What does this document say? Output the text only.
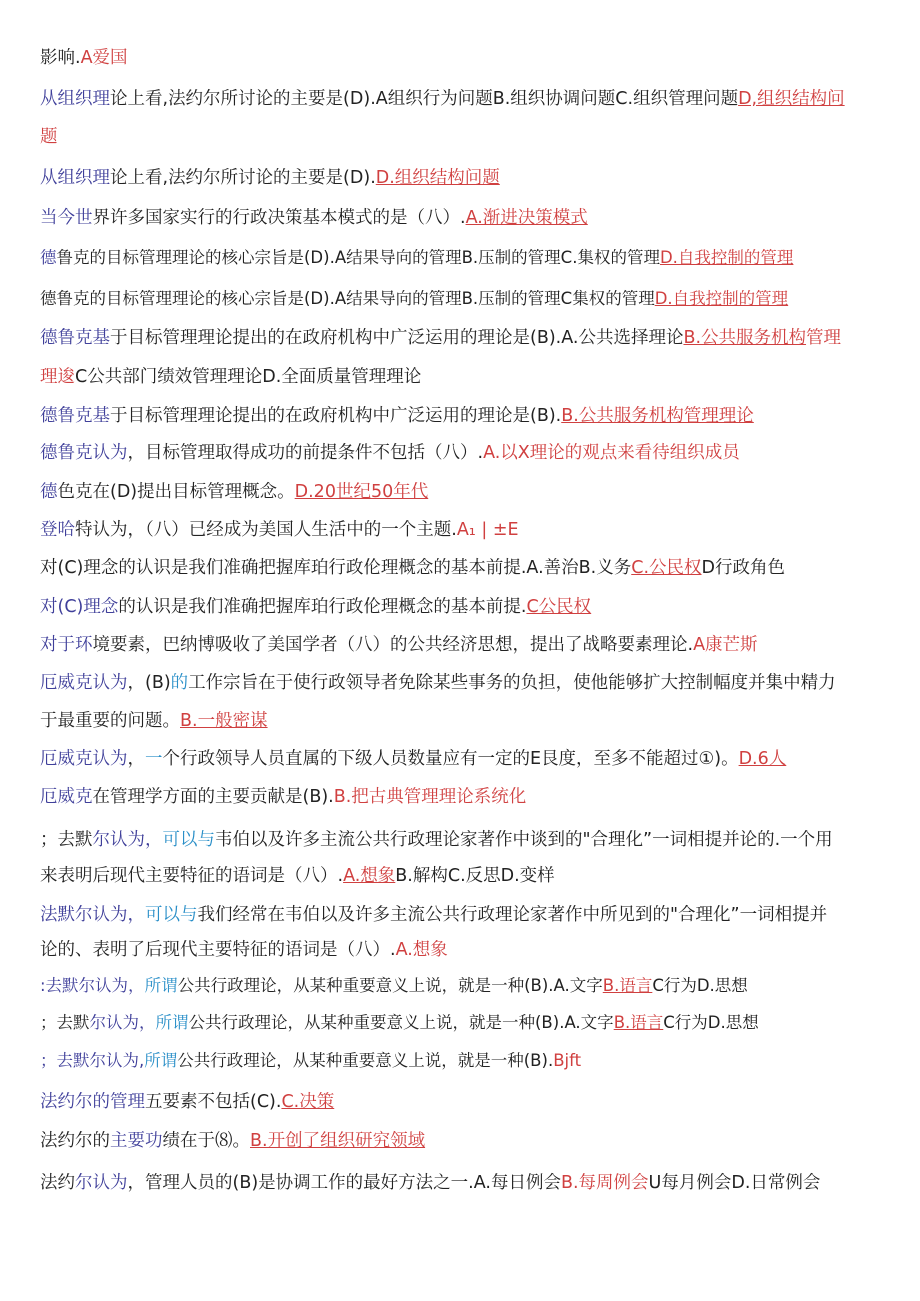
影响.A爱国
从组织理论上看,法约尔所讨论的主要是(D).A组织行为问题B.组织协调问题C.组织管理问题D,组织结构问
题
从组织理论上看,法约尔所讨论的主要是(D).D.组织结构问题
当今世界许多国家实行的行政决策基本模式的是（八）.A.渐进决策模式
德鲁克的目标管理理论的核心宗旨是(D).A结果导向的管理B.压制的管理C.集权的管理D.自我控制的管理
德鲁克的目标管理理论的核心宗旨是(D).A结果导向的管理B.压制的管理C集权的管理D.自我控制的管理
德鲁克基于目标管理理论提出的在政府机构中广泛运用的理论是(B).A.公共选择理论B.公共服务机构管理
理逡C公共部门绩效管理理论D.全面质量管理理论
德鲁克基于目标管理理论提出的在政府机构中广泛运用的理论是(B).B.公共服务机构管理理论
德鲁克认为，目标管理取得成功的前提条件不包括（八）.A.以X理论的观点来看待组织成员
德色克在(D)提出目标管理概念。D.20世纪50年代
登哈特认为，（八）已经成为美国人生活中的一个主题.A₁ | ±E
对(C)理念的认识是我们准确把握库珀行政伦理概念的基本前提.A.善治B.义务C.公民权D行政角色
对(C)理念的认识是我们准确把握库珀行政伦理概念的基本前提.C公民权
对于环境要素，巴纳博吸收了美国学者（八）的公共经济思想，提出了战略要素理论.A康芒斯
厄威克认为，(B)的工作宗旨在于使行政领导者免除某些事务的负担，使他能够扩大控制幅度并集中精力
于最重要的问题。B.一般密谋
厄威克认为，一个行政领导人员直属的下级人员数量应有一定的E艮度，至多不能超过①)。D.6人
厄威克在管理学方面的主要贡献是(B).B.把古典管理理论系统化
；去默尔认为，可以与韦伯以及许多主流公共行政理论家著作中谈到的"合理化”一词相提并论的.一个用
来表明后现代主要特征的语词是（八）.A.想象B.解构C.反思D.变样
法默尔认为，可以与我们经常在韦伯以及许多主流公共行政理论家著作中所见到的"合理化”一词相提并
论的、表明了后现代主要特征的语词是（八）.A.想象
:去默尔认为，所谓公共行政理论，从某种重要意义上说，就是一种(B).A.文字B.语言C行为D.思想
；去默尔认为，所谓公共行政理论，从某种重要意义上说，就是一种(B).A.文字B.语言C行为D.思想
；去默尔认为,所谓公共行政理论，从某种重要意义上说，就是一种(B).Bjft
法约尔的管理五要素不包括(C).C.决策
法约尔的主要功绩在于⑻。B.开创了组织研究领域
法约尔认为，管理人员的(B)是协调工作的最好方法之一.A.每日例会B.每周例会U每月例会D.日常例会
